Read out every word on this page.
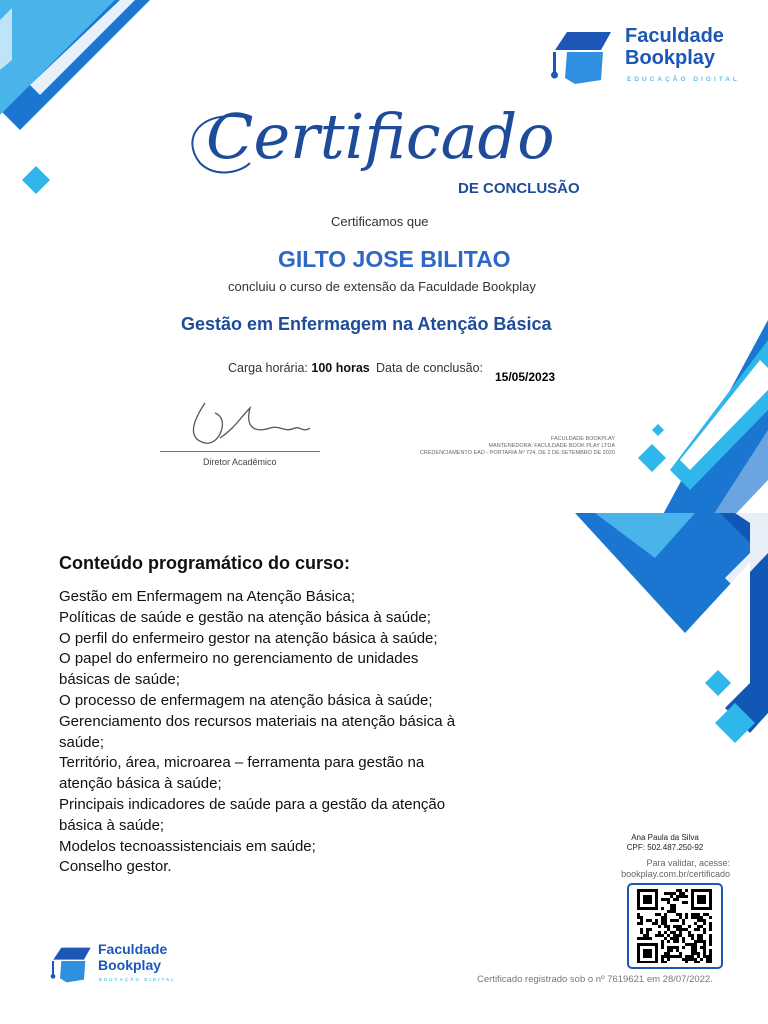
Faculdade
Bookplay
EDUCAÇÃO DIGITAL
Certificado
DE CONCLUSÃO
Certificamos que
GILTO JOSE BILITAO
concluiu o curso de extensão da Faculdade Bookplay
Gestão em Enfermagem na Atenção Básica
Carga horária: 100 horas Data de conclusão:
15/05/2023
Diretor Acadêmico
FACULDADE BOOKPLAY
MANTENEDORA: FACULDADE BOOK PLAY LTDA
CREDENCIAMENTO EAD - PORTARIA Nº 724, DE 2 DE SETEMBRO DE 2020
Conteúdo programático do curso:
Gestão em Enfermagem na Atenção Básica;
Políticas de saúde e gestão na atenção básica à saúde;
O perfil do enfermeiro gestor na atenção básica à saúde;
O papel do enfermeiro no gerenciamento de unidades
básicas de saúde;
O processo de enfermagem na atenção básica à saúde;
Gerenciamento dos recursos materiais na atenção básica à
saúde;
Território, área, microarea – ferramenta para gestão na
atenção básica à saúde;
Principais indicadores de saúde para a gestão da atenção
básica à saúde;
Modelos tecnoassistenciais em saúde;
Conselho gestor.
Ana Paula da Silva
CPF: 502.487.250-92
Para validar, acesse:
bookplay.com.br/certificado
Certificado registrado sob o nº 7619621 em 28/07/2022.
Faculdade
Bookplay
EDUCAÇÃO DIGITAL
